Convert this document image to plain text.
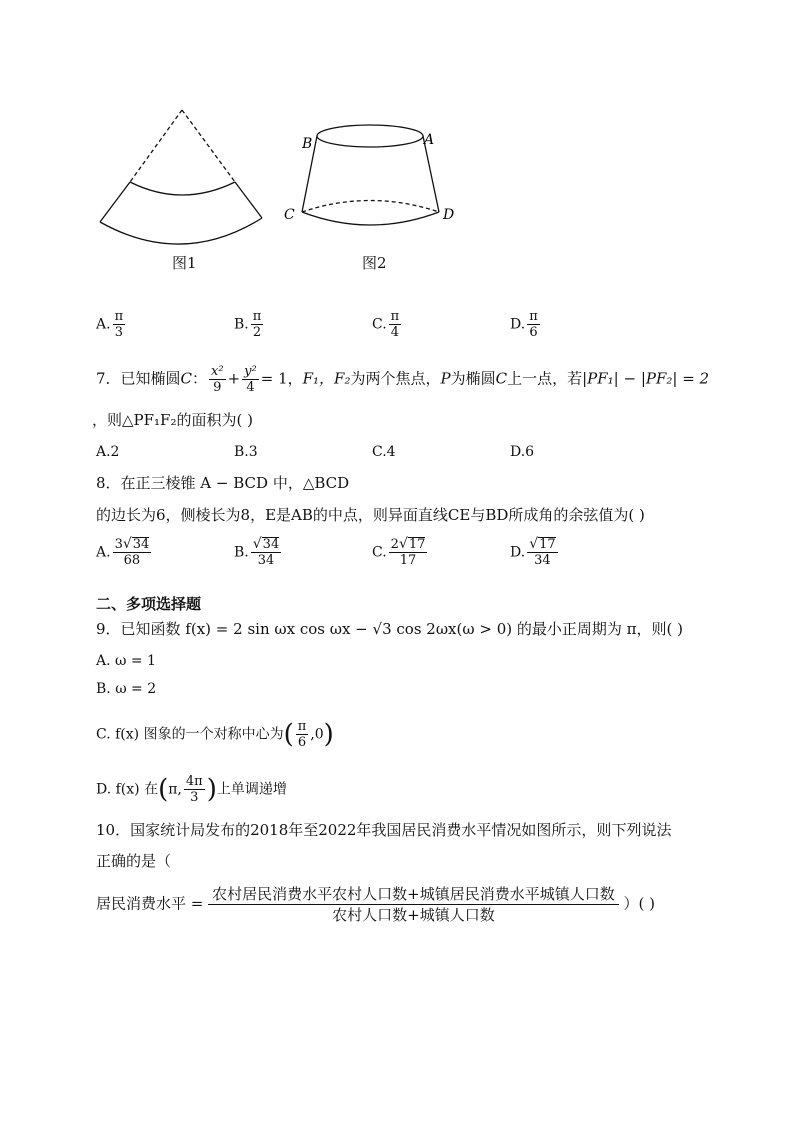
B	A
C	D
图1	图2
A. $\frac{\pi}{3}$	B. $\frac{\pi}{2}$	C. $\frac{\pi}{4}$	D. $\frac{\pi}{6}$
7．已知椭圆C： $\frac{\text{x²}}{9} + \frac{\text{y²}}{4} = 1$，F₁，F₂为两个焦点，P为椭圆C上一点，若|PF₁| − |PF₂| = 2
，则△PF₁F₂的面积为( )
A.2	B.3	C.4	D.6
8．在正三棱锥 A − BCD 中，△BCD
的边长为6，侧棱长为8，E是AB的中点，则异面直线CE与BD所成角的余弦值为( )
A. $\frac{3√34}{68}$	B. $\frac{√34}{34}$	C. $\frac{2√17}{17}$	D. $\frac{√17}{34}$
二、多项选择题
9．已知函数 f(x) = 2 sin ωx cos ωx − √3 cos 2ωx(ω > 0) 的最小正周期为 π，则( )
A. ω = 1
B. ω = 2
C. f(x) 图象的一个对称中心为( $\frac{\pi}{6} ,0$)
D. f(x) 在(π, $\frac{4\pi}{3}$ )上单调递增
10．国家统计局发布的2018年至2022年我国居民消费水平情况如图所示，则下列说法
正确的是（
居民消费水平 = $\frac{\text{农村居民消费水平农村人口数+城镇居民消费水平城镇人口数}}{\text{农村人口数+城镇人口数}}$ ）( )
